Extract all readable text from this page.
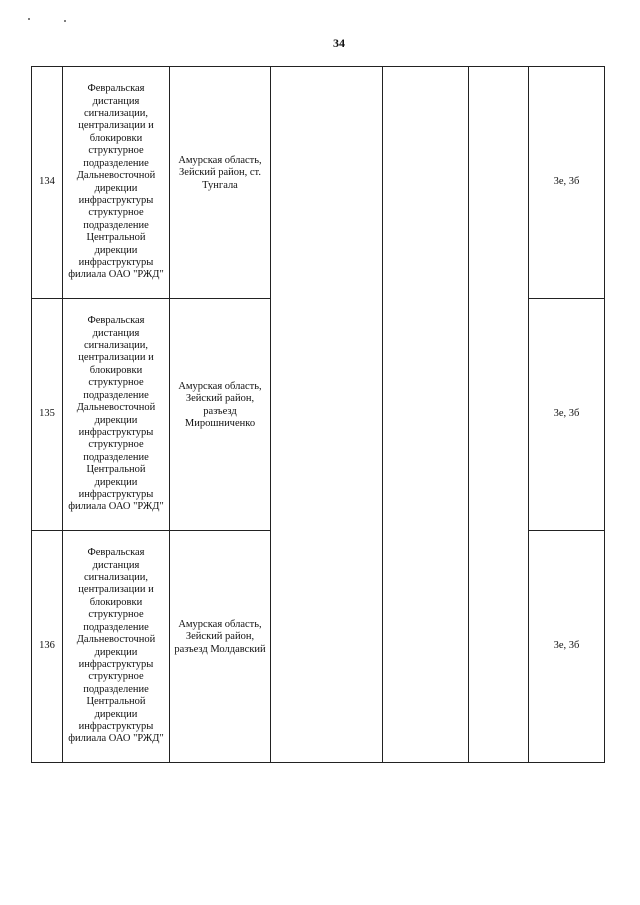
34
134	Февральская дистанция сигнализации, централизации и блокировки структурное подразделение Дальневосточной дирекции инфраструктуры структурное подразделение Центральной дирекции инфраструктуры филиала ОАО "РЖД"	Амурская область, Зейский район, ст. Тунгала				3е, 3б
135	Февральская дистанция сигнализации, централизации и блокировки структурное подразделение Дальневосточной дирекции инфраструктуры структурное подразделение Центральной дирекции инфраструктуры филиала ОАО "РЖД"	Амурская область, Зейский район, разъезд Мирошниченко				3е, 3б
136	Февральская дистанция сигнализации, централизации и блокировки структурное подразделение Дальневосточной дирекции инфраструктуры структурное подразделение Центральной дирекции инфраструктуры филиала ОАО "РЖД"	Амурская область, Зейский район, разъезд Молдавский				3е, 3б
